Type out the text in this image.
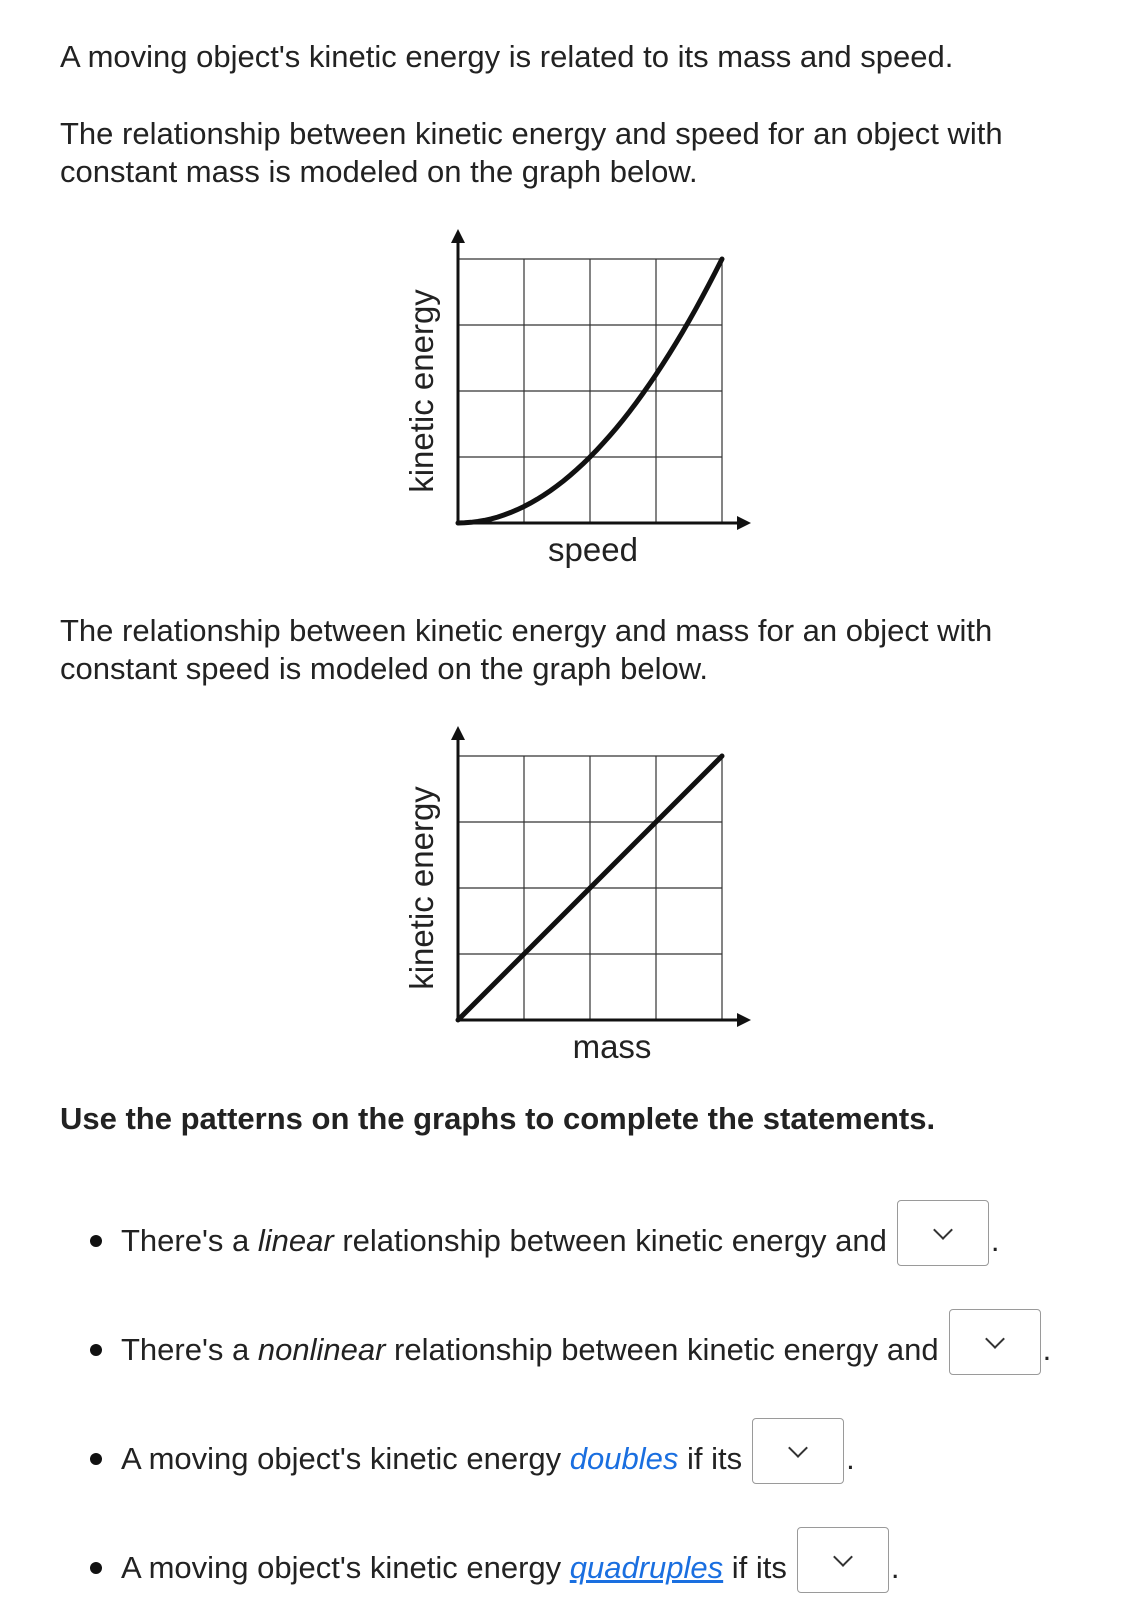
A moving object's kinetic energy is related to its mass and speed.

The relationship between kinetic energy and speed for an object with constant mass is modeled on the graph below.

kinetic energy
speed

The relationship between kinetic energy and mass for an object with constant speed is modeled on the graph below.

kinetic energy
mass

Use the patterns on the graphs to complete the statements.

There's a linear relationship between kinetic energy and	.
There's a nonlinear relationship between kinetic energy and	.
A moving object's kinetic energy doubles if its	.
A moving object's kinetic energy quadruples if its	.
